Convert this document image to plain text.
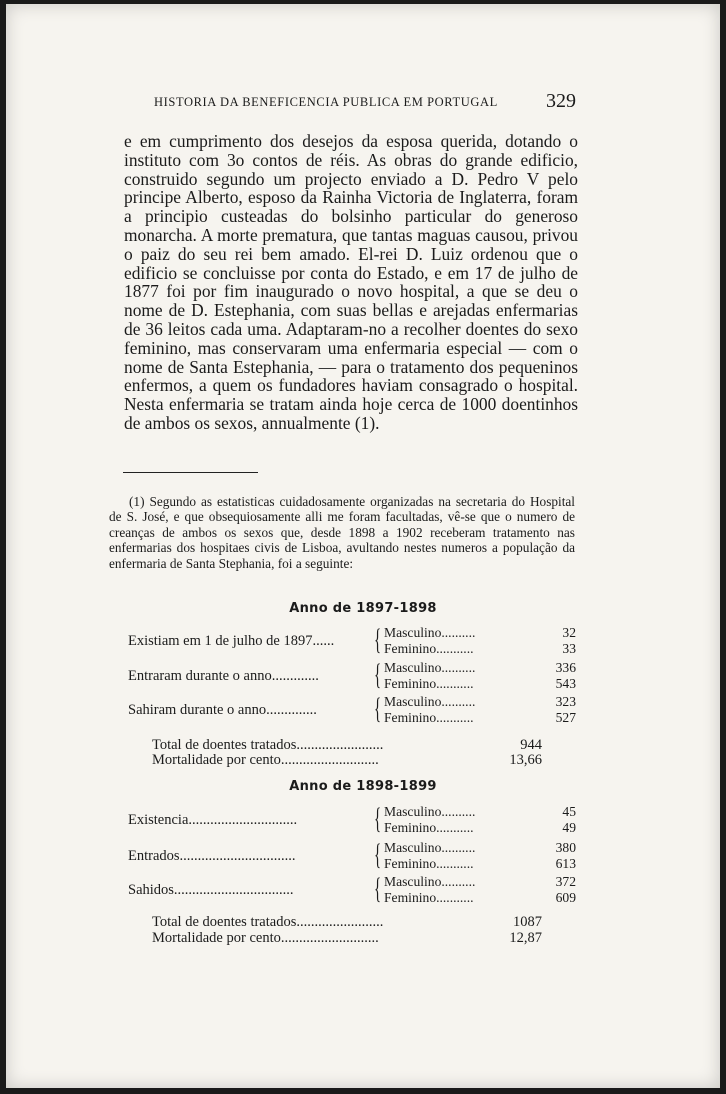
HISTORIA DA BENEFICENCIA PUBLICA EM PORTUGAL	329
e em cumprimento dos desejos da esposa querida, dotando o instituto com 3o contos de réis. As obras do grande edificio, construido segundo um projecto enviado a D. Pedro V pelo principe Alberto, esposo da Rainha Victoria de Inglaterra, foram a principio custeadas do bolsinho particular do generoso monarcha. A morte prematura, que tantas maguas causou, privou o paiz do seu rei bem amado. El-rei D. Luiz ordenou que o edificio se concluisse por conta do Estado, e em 17 de julho de 1877 foi por fim inaugurado o novo hospital, a que se deu o nome de D. Estephania, com suas bellas e arejadas enfermarias de 36 leitos cada uma. Adaptaram-no a recolher doentes do sexo feminino, mas conservaram uma enfermaria especial — com o nome de Santa Estephania, — para o tratamento dos pequeninos enfermos, a quem os fundadores haviam consagrado o hospital. Nesta enfermaria se tratam ainda hoje cerca de 1000 doentinhos de ambos os sexos, annualmente (1).
(1) Segundo as estatisticas cuidadosamente organizadas na secretaria do Hospital de S. José, e que obsequiosamente alli me foram facultadas, vê-se que o numero de creanças de ambos os sexos que, desde 1898 a 1902 receberam tratamento nas enfermarias dos hospitaes civis de Lisboa, avultando nestes numeros a população da enfermaria de Santa Stephania, foi a seguinte:
Anno de 1897-1898
Existiam em 1 de julho de 1897...... { Masculino..........	32
Feminino...........	33
Entraram durante o anno............. { Masculino..........	336
Feminino...........	543
Sahiram durante o anno.............. { Masculino..........	323
Feminino...........	527
Total de doentes tratados........................	944
Mortalidade por cento...........................	13,66
Anno de 1898-1899
Existencia..............................	{ Masculino..........	45
Feminino...........	49
Entrados................................	{ Masculino..........	380
Feminino...........	613
Sahidos.................................	{ Masculino..........	372
Feminino...........	609
Total de doentes tratados........................	1087
Mortalidade por cento...........................	12,87
